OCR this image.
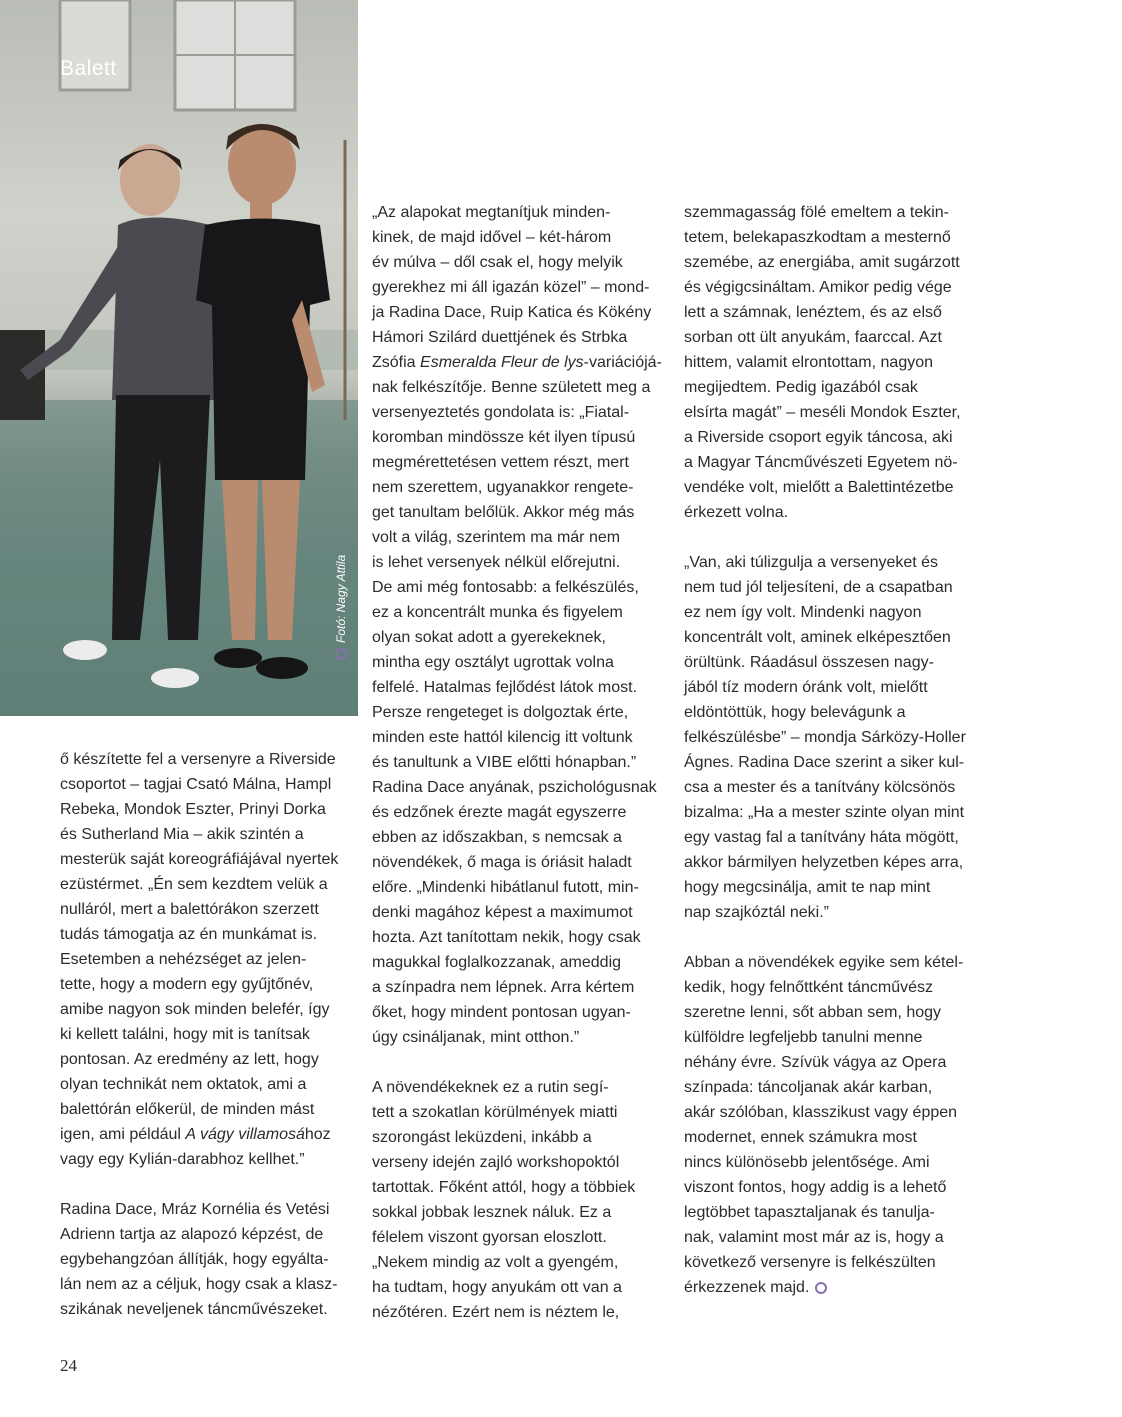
Balett
Fotó: Nagy Attila

ő készítette fel a versenyre a Riverside
csoportot – tagjai Csató Málna, Hampl
Rebeka, Mondok Eszter, Prinyi Dorka
és Sutherland Mia – akik szintén a
mesterük saját koreográfiájával nyertek
ezüstérmet. „Én sem kezdtem velük a
nulláról, mert a balettórákon szerzett
tudás támogatja az én munkámat is.
Esetemben a nehézséget az jelen-
tette, hogy a modern egy gyűjtőnév,
amibe nagyon sok minden belefér, így
ki kellett találni, hogy mit is tanítsak
pontosan. Az eredmény az lett, hogy
olyan technikát nem oktatok, ami a
balettórán előkerül, de minden mást
igen, ami például A vágy villamosához
vagy egy Kylián-darabhoz kellhet.”

Radina Dace, Mráz Kornélia és Vetési
Adrienn tartja az alapozó képzést, de
egybehangzóan állítják, hogy egyálta-
lán nem az a céljuk, hogy csak a klasz-
szikának neveljenek táncművészeket.

„Az alapokat megtanítjuk minden-
kinek, de majd idővel – két-három
év múlva – dől csak el, hogy melyik
gyerekhez mi áll igazán közel” – mond-
ja Radina Dace, Ruip Katica és Kökény
Hámori Szilárd duettjének és Strbka
Zsófia Esmeralda Fleur de lys-variációjá-
nak felkészítője. Benne született meg a
versenyeztetés gondolata is: „Fiatal-
koromban mindössze két ilyen típusú
megmérettetésen vettem részt, mert
nem szerettem, ugyanakkor rengete-
get tanultam belőlük. Akkor még más
volt a világ, szerintem ma már nem
is lehet versenyek nélkül előrejutni.
De ami még fontosabb: a felkészülés,
ez a koncentrált munka és figyelem
olyan sokat adott a gyerekeknek,
mintha egy osztályt ugrottak volna
felfelé. Hatalmas fejlődést látok most.
Persze rengeteget is dolgoztak érte,
minden este hattól kilencig itt voltunk
és tanultunk a VIBE előtti hónapban.”
Radina Dace anyának, pszichológusnak
és edzőnek érezte magát egyszerre
ebben az időszakban, s nemcsak a
növendékek, ő maga is óriásit haladt
előre. „Mindenki hibátlanul futott, min-
denki magához képest a maximumot
hozta. Azt tanítottam nekik, hogy csak
magukkal foglalkozzanak, ameddig
a színpadra nem lépnek. Arra kértem
őket, hogy mindent pontosan ugyan-
úgy csináljanak, mint otthon.”

A növendékeknek ez a rutin segí-
tett a szokatlan körülmények miatti
szorongást leküzdeni, inkább a
verseny idején zajló workshopoktól
tartottak. Főként attól, hogy a többiek
sokkal jobbak lesznek náluk. Ez a
félelem viszont gyorsan eloszlott.
„Nekem mindig az volt a gyengém,
ha tudtam, hogy anyukám ott van a
nézőtéren. Ezért nem is néztem le,

szemmagasság fölé emeltem a tekin-
tetem, belekapaszkodtam a mesternő
szemébe, az energiába, amit sugárzott
és végigcsináltam. Amikor pedig vége
lett a számnak, lenéztem, és az első
sorban ott ült anyukám, faarccal. Azt
hittem, valamit elrontottam, nagyon
megijedtem. Pedig igazából csak
elsírta magát” – meséli Mondok Eszter,
a Riverside csoport egyik táncosa, aki
a Magyar Táncművészeti Egyetem nö-
vendéke volt, mielőtt a Balettintézetbe
érkezett volna.

„Van, aki túlizgulja a versenyeket és
nem tud jól teljesíteni, de a csapatban
ez nem így volt. Mindenki nagyon
koncentrált volt, aminek elképesztően
örültünk. Ráadásul összesen nagy-
jából tíz modern óránk volt, mielőtt
eldöntöttük, hogy belevágunk a
felkészülésbe” – mondja Sárközy-Holler
Ágnes. Radina Dace szerint a siker kul-
csa a mester és a tanítvány kölcsönös
bizalma: „Ha a mester szinte olyan mint
egy vastag fal a tanítvány háta mögött,
akkor bármilyen helyzetben képes arra,
hogy megcsinálja, amit te nap mint
nap szajkóztál neki.”

Abban a növendékek egyike sem kétel-
kedik, hogy felnőttként táncművész
szeretne lenni, sőt abban sem, hogy
külföldre legfeljebb tanulni menne
néhány évre. Szívük vágya az Opera
színpada: táncoljanak akár karban,
akár szólóban, klasszikust vagy éppen
modernet, ennek számukra most
nincs különösebb jelentősége. Ami
viszont fontos, hogy addig is a lehető
legtöbbet tapasztaljanak és tanulja-
nak, valamint most már az is, hogy a
következő versenyre is felkészülten
érkezzenek majd.

24
